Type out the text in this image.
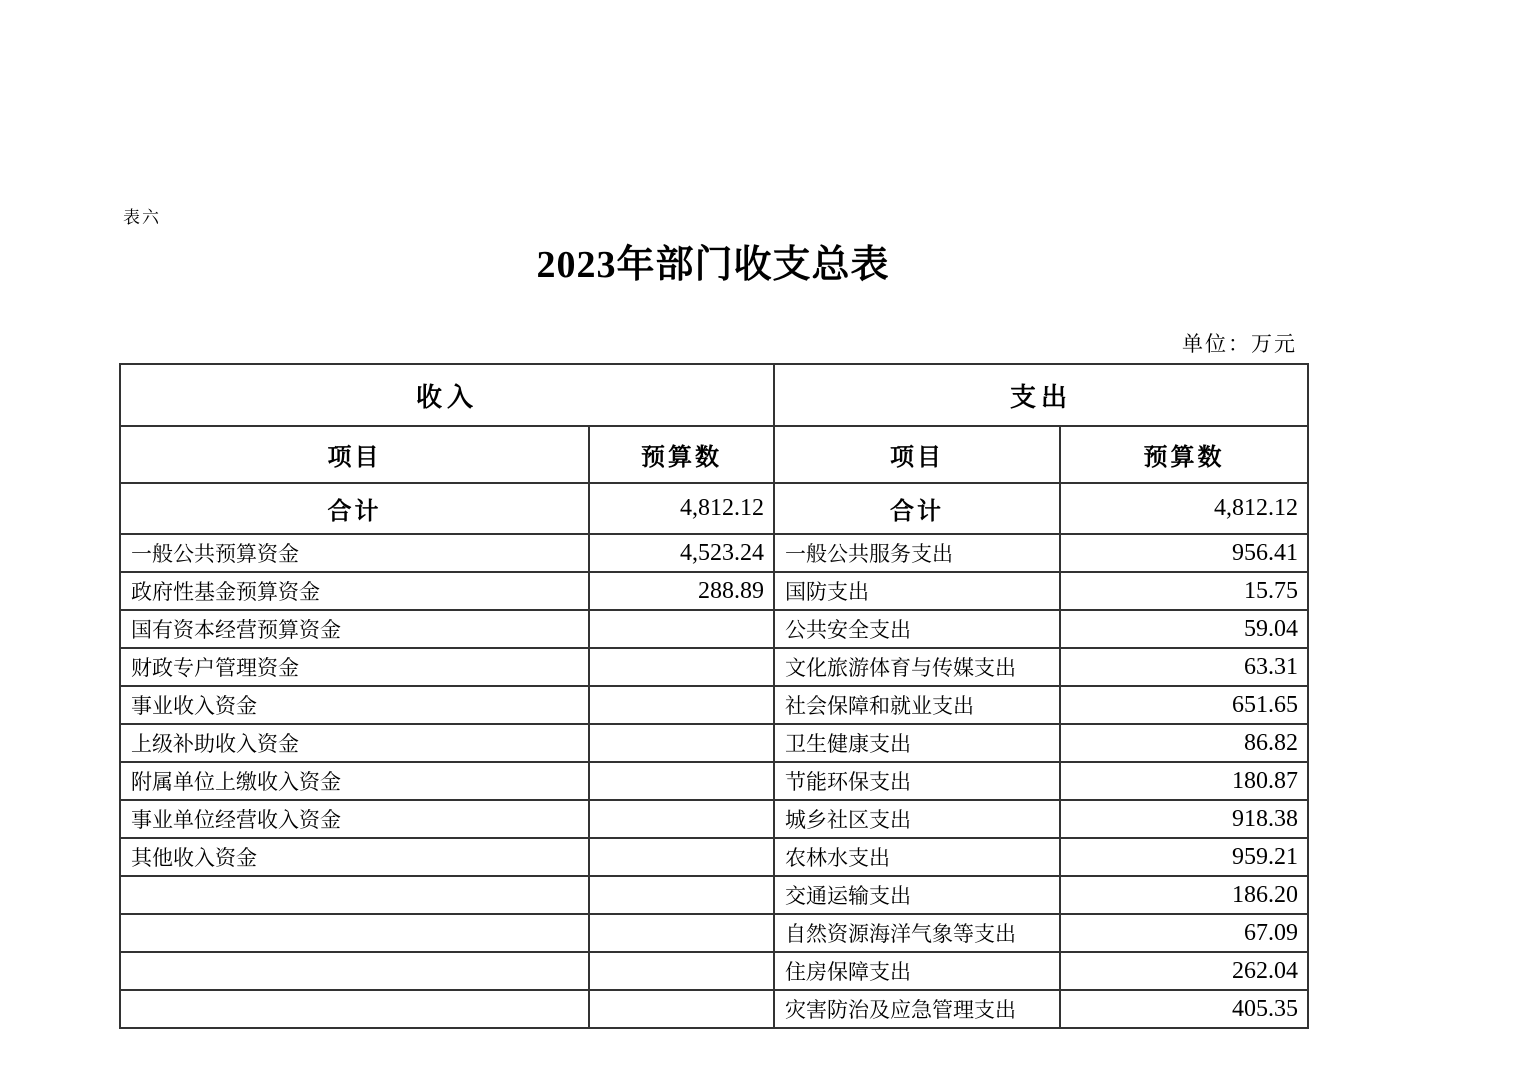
表六
2023年部门收支总表
单位：万元
收入		支出	
项目	预算数	项目	预算数
合计	4,812.12	合计	4,812.12
一般公共预算资金	4,523.24	一般公共服务支出	956.41
政府性基金预算资金	288.89	国防支出	15.75
国有资本经营预算资金		公共安全支出	59.04
财政专户管理资金		文化旅游体育与传媒支出	63.31
事业收入资金		社会保障和就业支出	651.65
上级补助收入资金		卫生健康支出	86.82
附属单位上缴收入资金		节能环保支出	180.87
事业单位经营收入资金		城乡社区支出	918.38
其他收入资金		农林水支出	959.21
		交通运输支出	186.20
		自然资源海洋气象等支出	67.09
		住房保障支出	262.04
		灾害防治及应急管理支出	405.35
